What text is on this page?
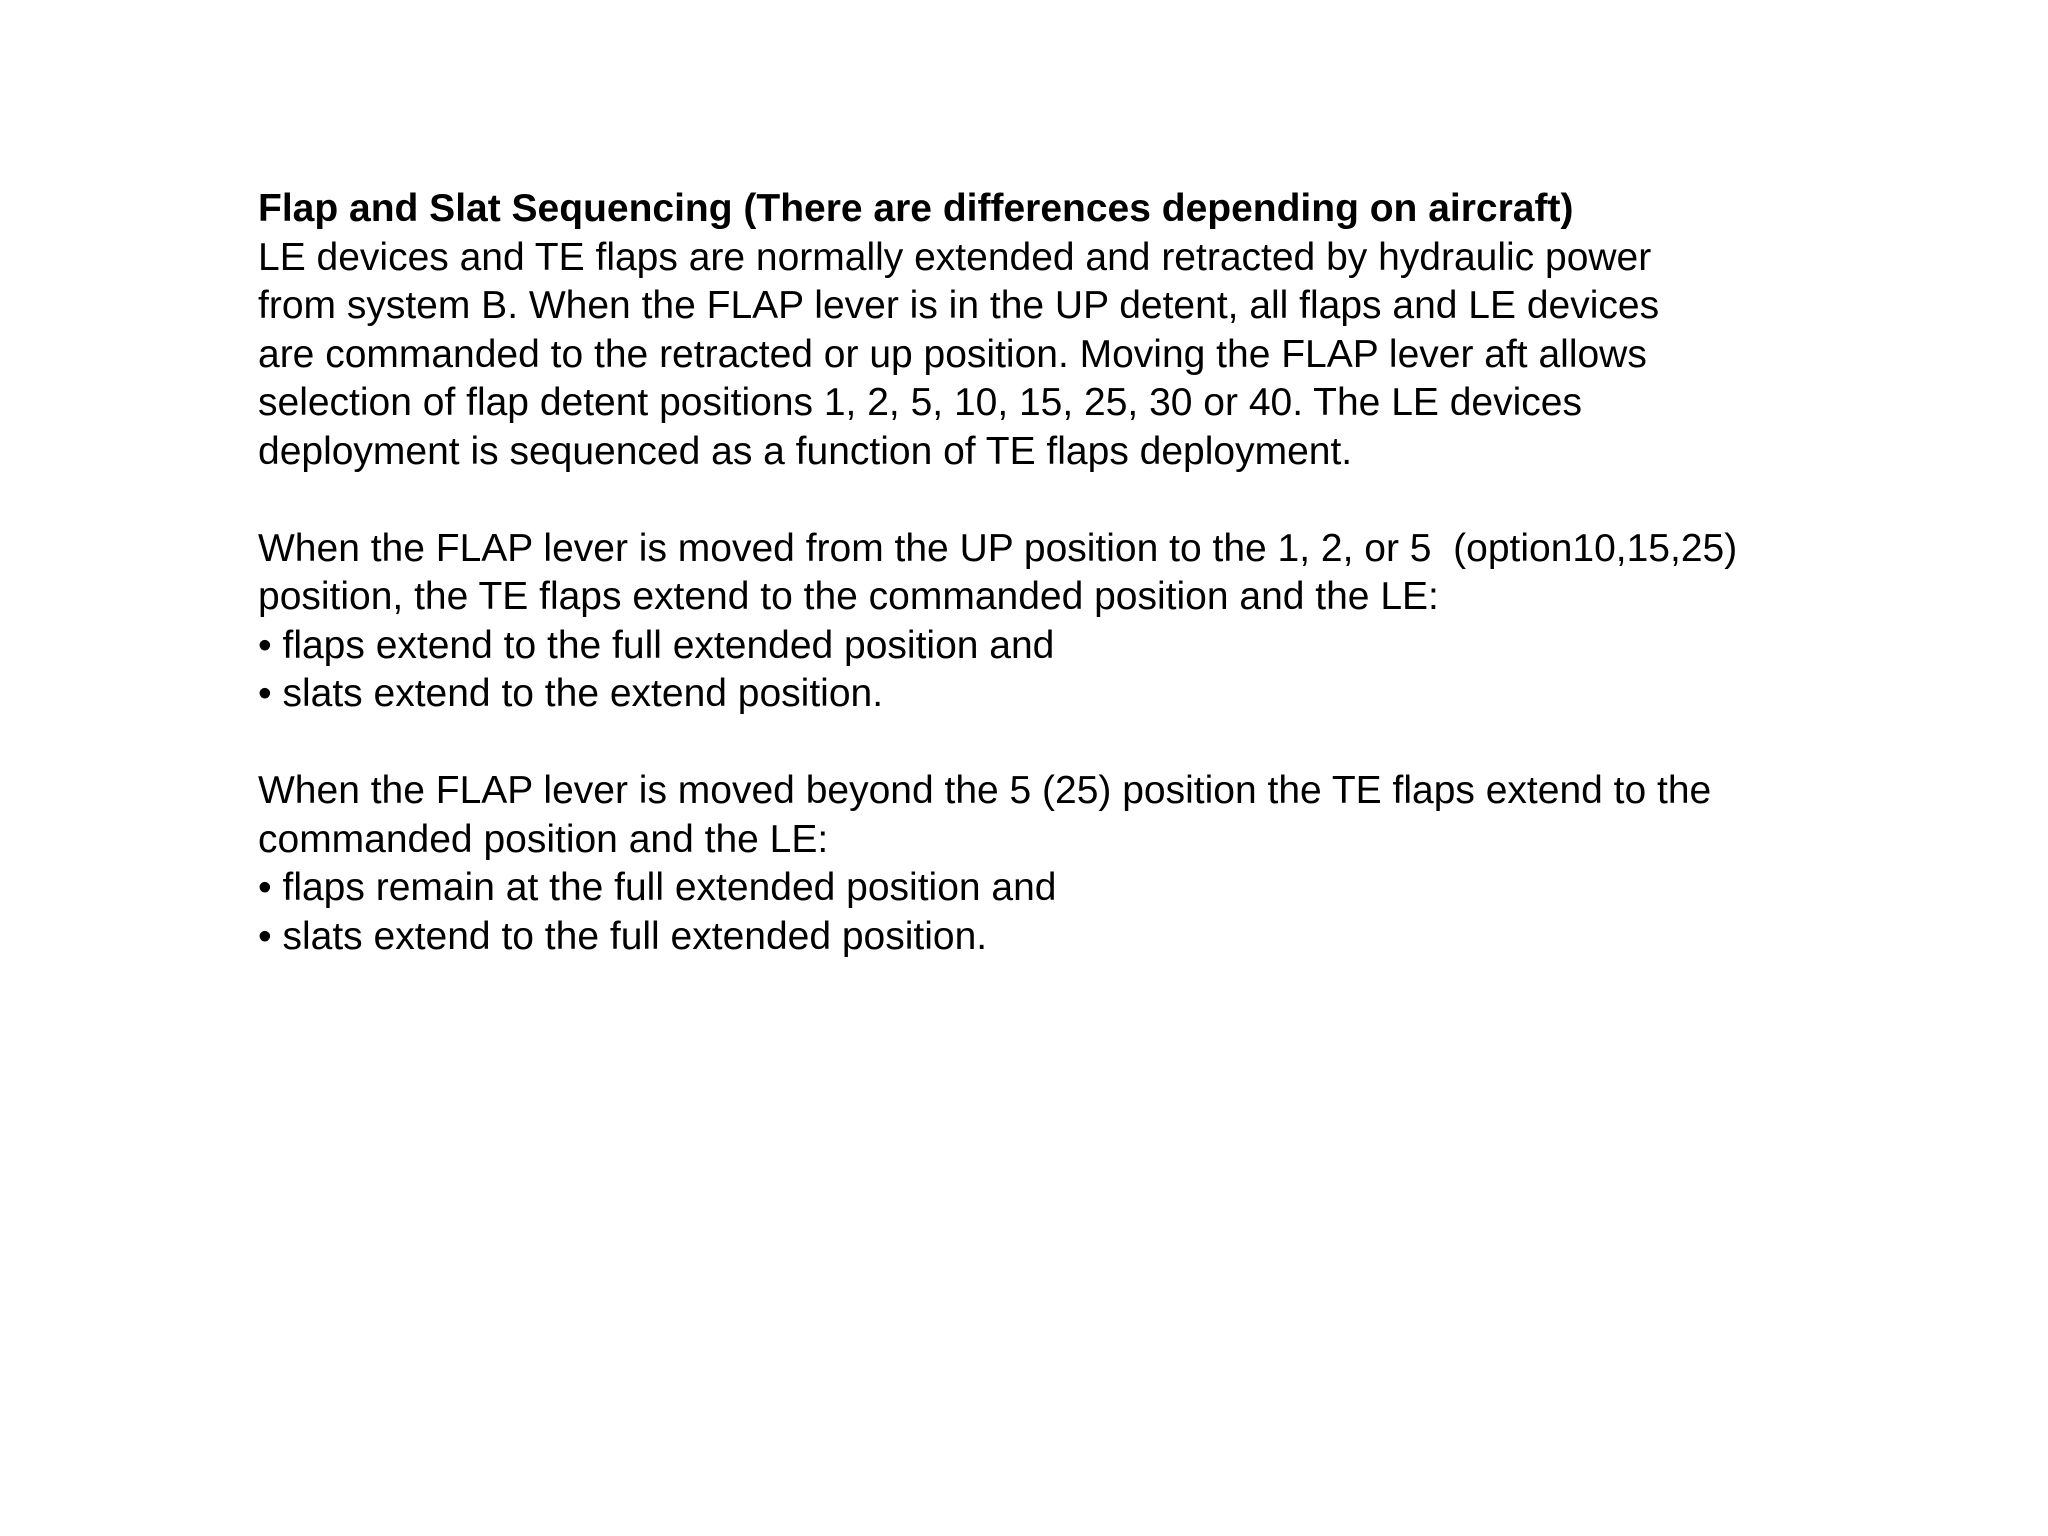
Flap and Slat Sequencing (There are differences depending on aircraft)

LE devices and TE flaps are normally extended and retracted by hydraulic power

from system B. When the FLAP lever is in the UP detent, all flaps and LE devices

are commanded to the retracted or up position. Moving the FLAP lever aft allows

selection of flap detent positions 1, 2, 5, 10, 15, 25, 30 or 40. The LE devices

deployment is sequenced as a function of TE flaps deployment.

When the FLAP lever is moved from the UP position to the 1, 2, or 5  (option10,15,25)

position, the TE flaps extend to the commanded position and the LE:

• flaps extend to the full extended position and

• slats extend to the extend position.

When the FLAP lever is moved beyond the 5 (25) position the TE flaps extend to the

commanded position and the LE:

• flaps remain at the full extended position and

• slats extend to the full extended position.
